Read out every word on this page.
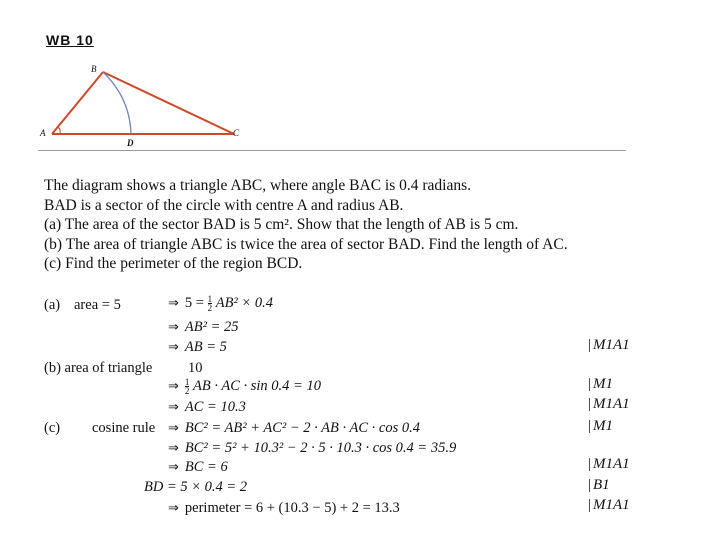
WB 10
A
B
C
D
The diagram shows a triangle ABC, where angle BAC is 0.4 radians.
BAD is a sector of the circle with centre A and radius AB.
(a) The area of the sector BAD is 5 cm². Show that the length of AB is 5 cm.
(b) The area of triangle ABC is twice the area of sector BAD. Find the length of AC.
(c) Find the perimeter of the region BCD.
(a) area = 5	⇒ $5 = \frac{1}{2} AB^2 \times 0.4$
⇒ AB² = 25
⇒ AB = 5
(b) area of triangle 10
⇒ $\frac{1}{2}$ AB · AC · sin 0.4 = 10
⇒ AC = 10.3
(c) cosine rule ⇒ BC² = AB² + AC² − 2 · AB · AC · cos 0.4
⇒ BC² = 5² + 10.3² − 2 · 5 · 10.3 · cos 0.4 = 35.9
⇒ BC = 6
BD = 5 × 0.4 = 2
⇒ perimeter = 6 + (10.3 − 5) + 2 = 13.3
| M1A1
| M1
| M1A1
| M1
| M1A1
| B1
| M1A1
